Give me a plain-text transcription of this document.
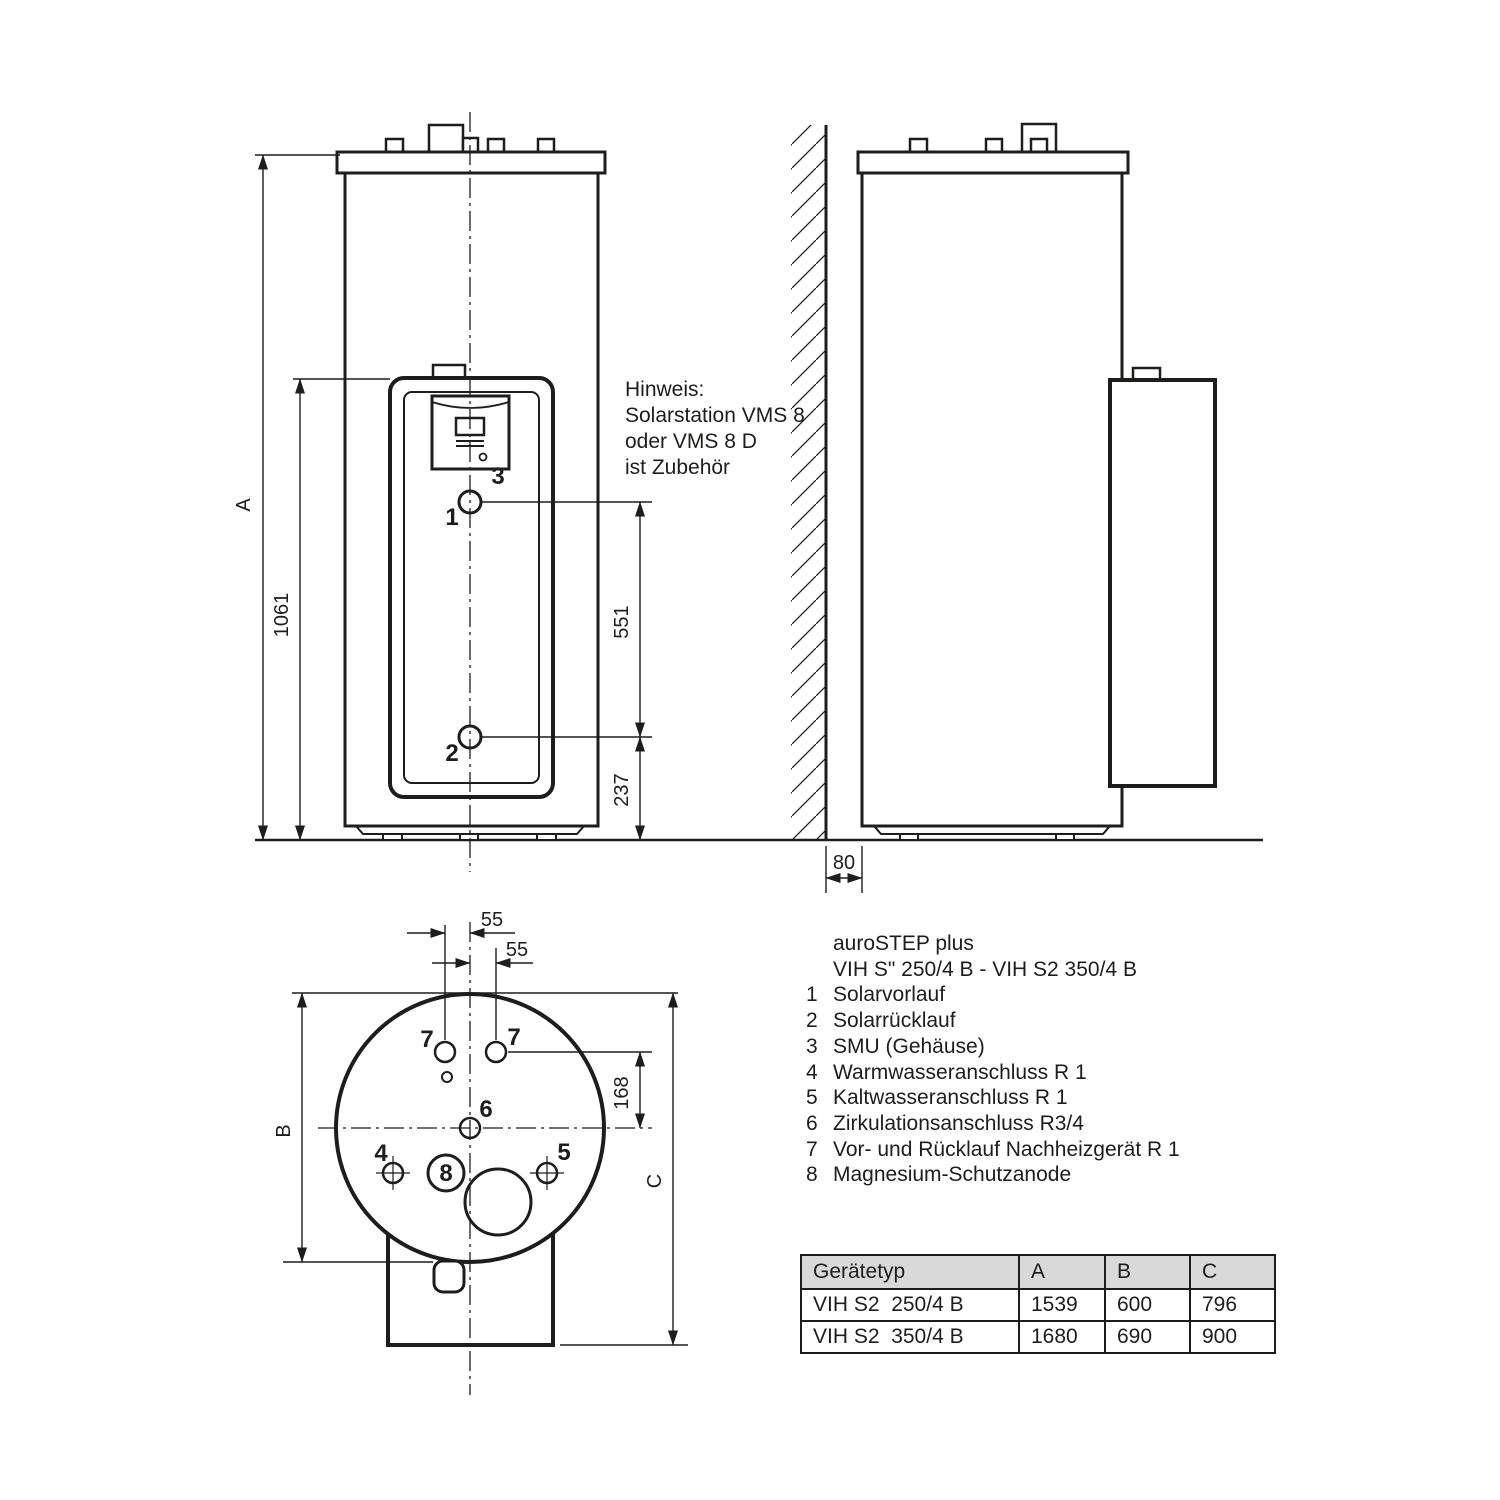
A
1061	551
237
3
1
2
80
55
55
168
B
C
7	7
6
4	5
8
Hinweis:
Solarstation VMS 8
oder VMS 8 D
ist Zubehör
auroSTEP plus
VIH S" 250/4 B - VIH S2 350/4 B
1 Solarvorlauf
2 Solarrücklauf
3 SMU (Gehäuse)
4 Warmwasseranschluss R 1
5 Kaltwasseranschluss R 1
6 Zirkulationsanschluss R3/4
7 Vor- und Rücklauf Nachheizgerät R 1
8 Magnesium-Schutzanode
Gerätetyp	A	B	C
VIH S2  250/4 B	1539	600	796
VIH S2  350/4 B	1680	690	900
